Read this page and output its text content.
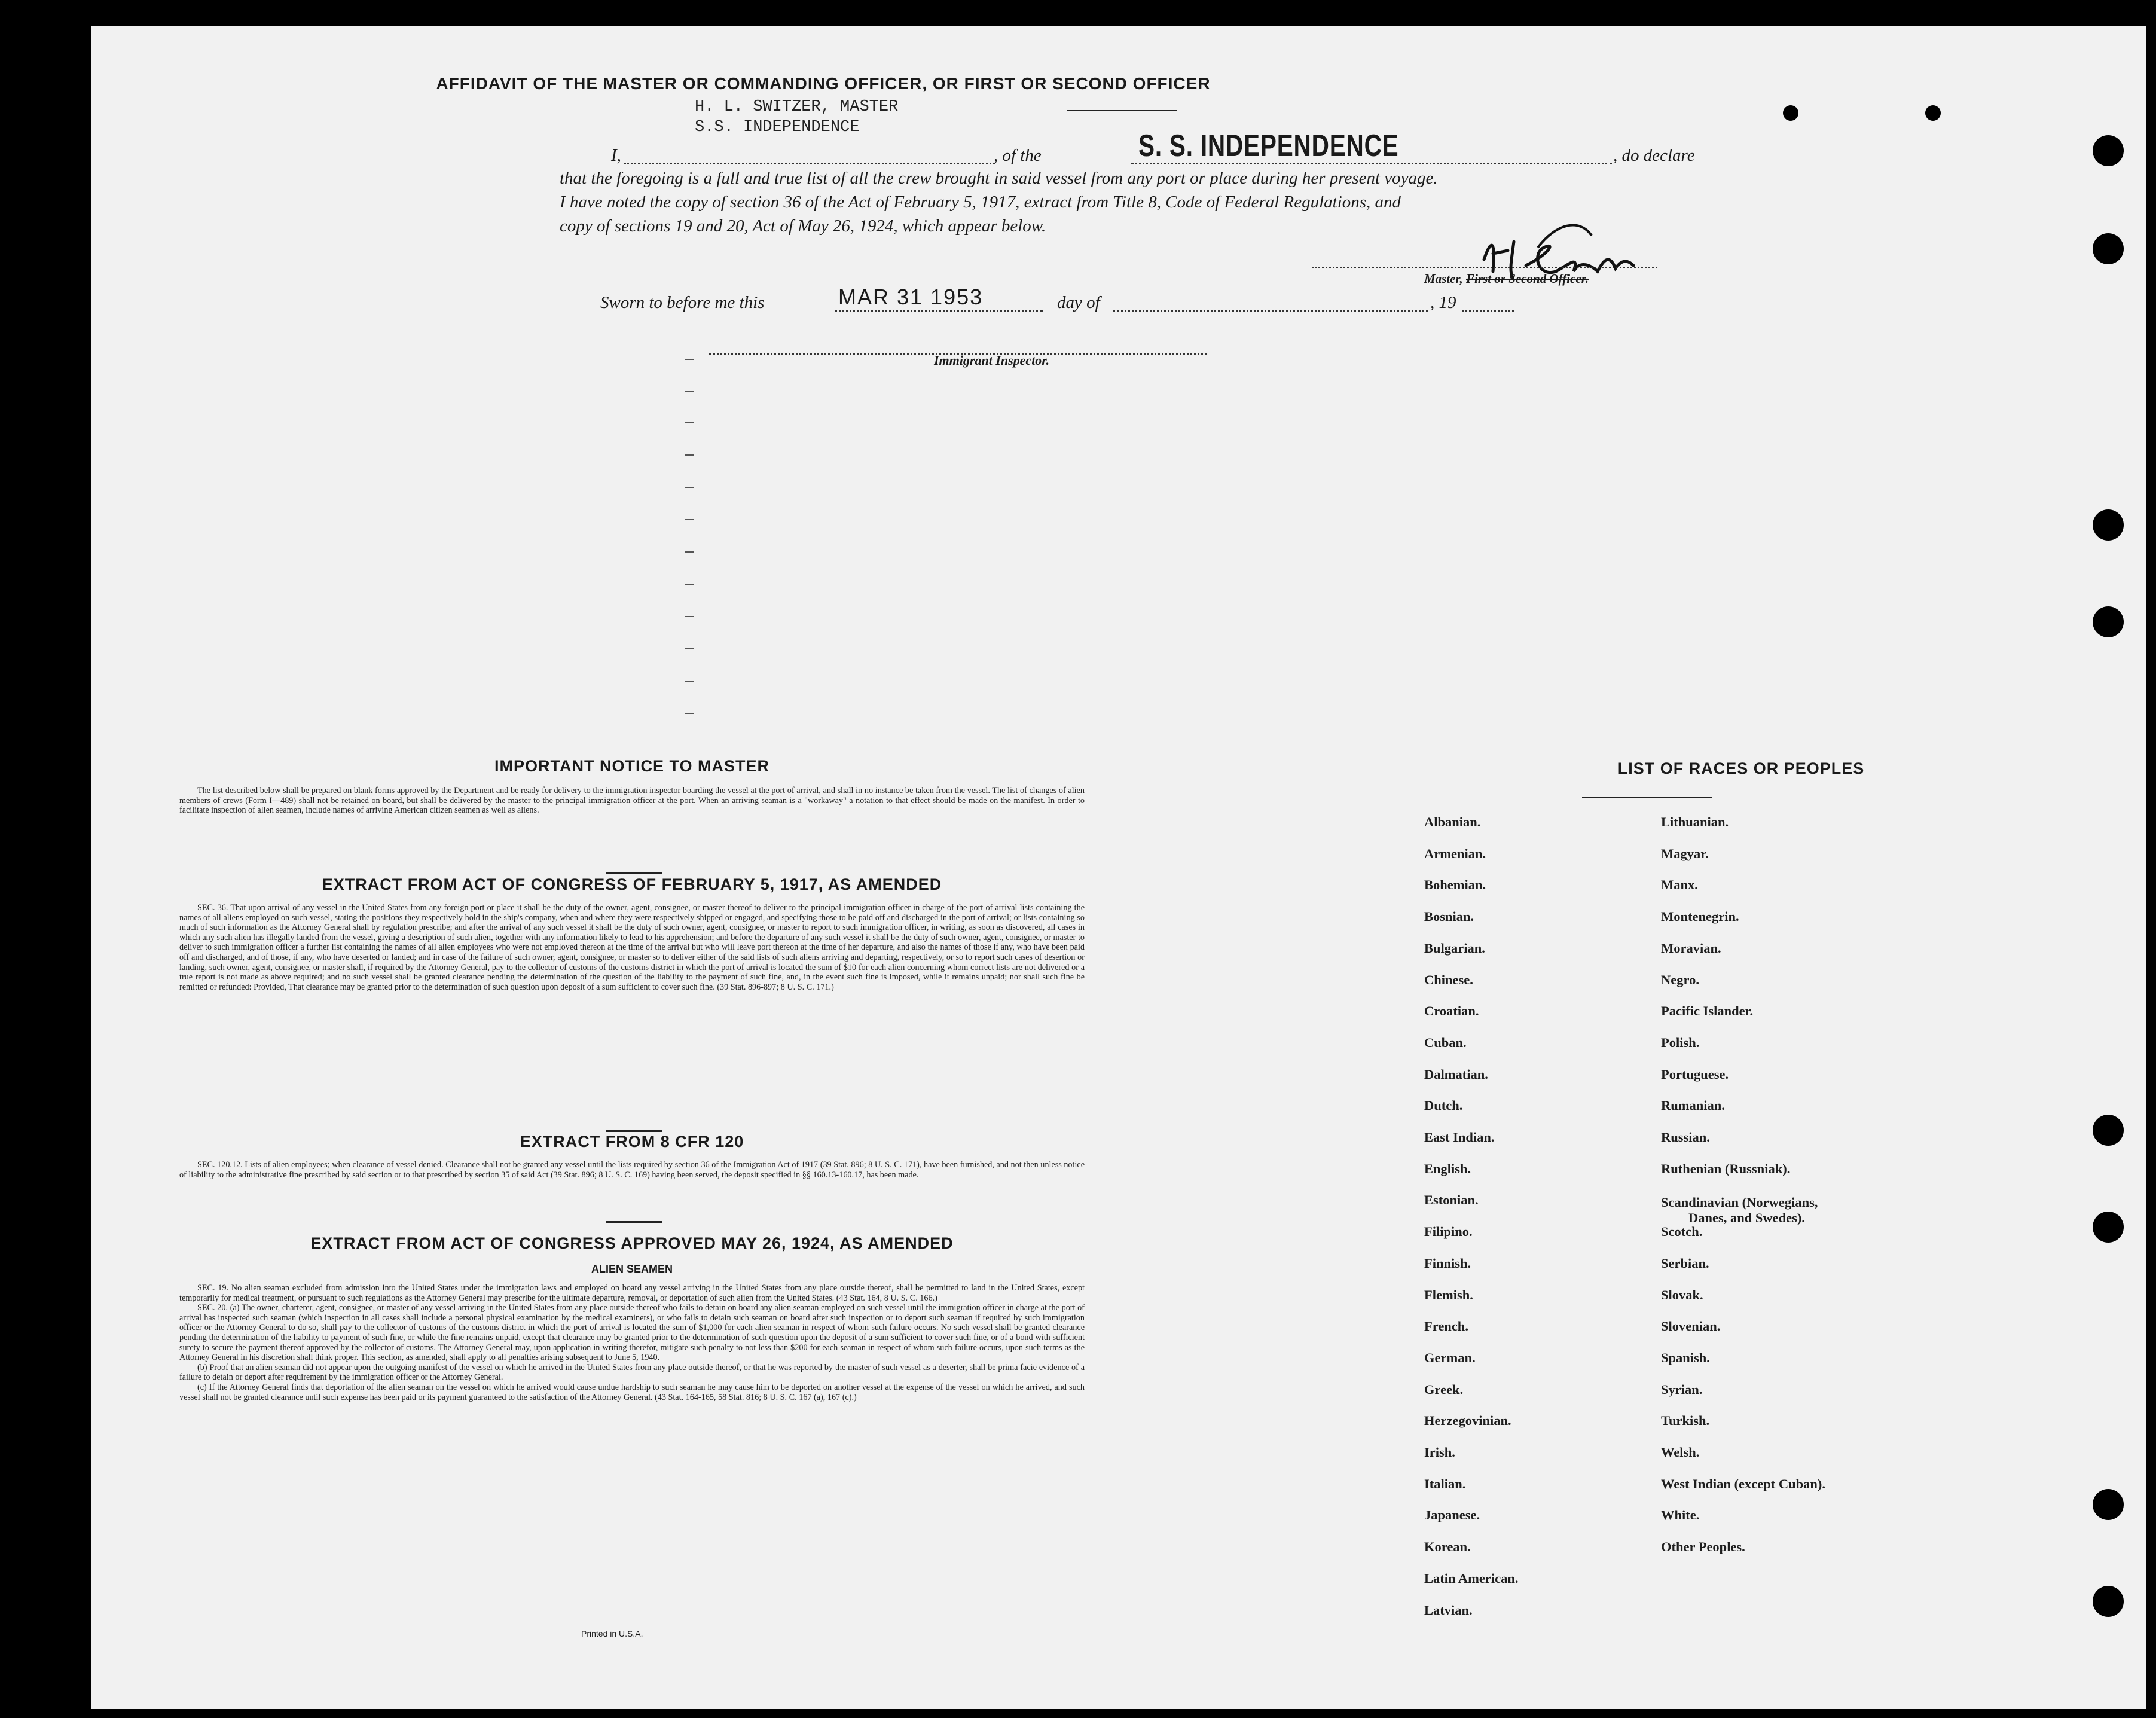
AFFIDAVIT OF THE MASTER OR COMMANDING OFFICER, OR FIRST OR SECOND OFFICER
H. L. SWITZER, MASTER
S.S. INDEPENDENCE
I,	, of the	S. S. INDEPENDENCE	, do declare
that the foregoing is a full and true list of all the crew brought in said vessel from any port or place during her present voyage.
I have noted the copy of section 36 of the Act of February 5, 1917, extract from Title 8, Code of Federal Regulations, and
copy of sections 19 and 20, Act of May 26, 1924, which appear below.
Master, First or Second Officer.
Sworn to before me this	MAR 31 1953	day of	, 19
Immigrant Inspector.
IMPORTANT NOTICE TO MASTER

The list described below shall be prepared on blank forms approved by the Department and be ready for delivery to the immigration inspector boarding the vessel at the port of arrival, and shall in no instance be taken from the vessel. The list of changes of alien members of crews (Form I—489) shall not be retained on board, but shall be delivered by the master to the principal immigration officer at the port. When an arriving seaman is a "workaway" a notation to that effect should be made on the manifest. In order to facilitate inspection of alien seamen, include names of arriving American citizen seamen as well as aliens.

EXTRACT FROM ACT OF CONGRESS OF FEBRUARY 5, 1917, AS AMENDED

SEC. 36. That upon arrival of any vessel in the United States from any foreign port or place it shall be the duty of the owner, agent, consignee, or master thereof to deliver to the principal immigration officer in charge of the port of arrival lists containing the names of all aliens employed on such vessel, stating the positions they respectively hold in the ship's company, when and where they were respectively shipped or engaged, and specifying those to be paid off and discharged in the port of arrival; or lists containing so much of such information as the Attorney General shall by regulation prescribe; and after the arrival of any such vessel it shall be the duty of such owner, agent, consignee, or master to report to such immigration officer, in writing, as soon as discovered, all cases in which any such alien has illegally landed from the vessel, giving a description of such alien, together with any information likely to lead to his apprehension; and before the departure of any such vessel it shall be the duty of such owner, agent, consignee, or master to deliver to such immigration officer a further list containing the names of all alien employees who were not employed thereon at the time of the arrival but who will leave port thereon at the time of her departure, and also the names of those if any, who have been paid off and discharged, and of those, if any, who have deserted or landed; and in case of the failure of such owner, agent, consignee, or master so to deliver either of the said lists of such aliens arriving and departing, respectively, or so to report such cases of desertion or landing, such owner, agent, consignee, or master shall, if required by the Attorney General, pay to the collector of customs of the customs district in which the port of arrival is located the sum of $10 for each alien concerning whom correct lists are not delivered or a true report is not made as above required; and no such vessel shall be granted clearance pending the determination of the question of the liability to the payment of such fine, and, in the event such fine is imposed, while it remains unpaid; nor shall such fine be remitted or refunded: Provided, That clearance may be granted prior to the determination of such question upon deposit of a sum sufficient to cover such fine. (39 Stat. 896-897; 8 U. S. C. 171.)

EXTRACT FROM 8 CFR 120

SEC. 120.12. Lists of alien employees; when clearance of vessel denied. Clearance shall not be granted any vessel until the lists required by section 36 of the Immigration Act of 1917 (39 Stat. 896; 8 U. S. C. 171), have been furnished, and not then unless notice of liability to the administrative fine prescribed by said section or to that prescribed by section 35 of said Act (39 Stat. 896; 8 U. S. C. 169) having been served, the deposit specified in §§ 160.13-160.17, has been made.

EXTRACT FROM ACT OF CONGRESS APPROVED MAY 26, 1924, AS AMENDED
ALIEN SEAMEN

SEC. 19. No alien seaman excluded from admission into the United States under the immigration laws and employed on board any vessel arriving in the United States from any place outside thereof, shall be permitted to land in the United States, except temporarily for medical treatment, or pursuant to such regulations as the Attorney General may prescribe for the ultimate departure, removal, or deportation of such alien from the United States. (43 Stat. 164, 8 U. S. C. 166.)

SEC. 20. (a) The owner, charterer, agent, consignee, or master of any vessel arriving in the United States from any place outside thereof who fails to detain on board any alien seaman employed on such vessel until the immigration officer in charge at the port of arrival has inspected such seaman (which inspection in all cases shall include a personal physical examination by the medical examiners), or who fails to detain such seaman on board after such inspection or to deport such seaman if required by such immigration officer or the Attorney General to do so, shall pay to the collector of customs of the customs district in which the port of arrival is located the sum of $1,000 for each alien seaman in respect of whom such failure occurs. No such vessel shall be granted clearance pending the determination of the liability to payment of such fine, or while the fine remains unpaid, except that clearance may be granted prior to the determination of such question upon the deposit of a sum sufficient to cover such fine, or of a bond with sufficient surety to secure the payment thereof approved by the collector of customs. The Attorney General may, upon application in writing therefor, mitigate such penalty to not less than $200 for each seaman in respect of whom such failure occurs, upon such terms as the Attorney General in his discretion shall think proper. This section, as amended, shall apply to all penalties arising subsequent to June 5, 1940.

(b) Proof that an alien seaman did not appear upon the outgoing manifest of the vessel on which he arrived in the United States from any place outside thereof, or that he was reported by the master of such vessel as a deserter, shall be prima facie evidence of a failure to detain or deport after requirement by the immigration officer or the Attorney General.

(c) If the Attorney General finds that deportation of the alien seaman on the vessel on which he arrived would cause undue hardship to such seaman he may cause him to be deported on another vessel at the expense of the vessel on which he arrived, and such vessel shall not be granted clearance until such expense has been paid or its payment guaranteed to the satisfaction of the Attorney General. (43 Stat. 164-165, 58 Stat. 816; 8 U. S. C. 167 (a), 167 (c).)

Printed in U.S.A.
LIST OF RACES OR PEOPLES
Albanian.
Armenian.
Bohemian.
Bosnian.
Bulgarian.
Chinese.
Croatian.
Cuban.
Dalmatian.
Dutch.
East Indian.
English.
Estonian.
Filipino.
Finnish.
Flemish.
French.
German.
Greek.
Herzegovinian.
Irish.
Italian.
Japanese.
Korean.
Latin American.
Latvian.
Lithuanian.
Magyar.
Manx.
Montenegrin.
Moravian.
Negro.
Pacific Islander.
Polish.
Portuguese.
Rumanian.
Russian.
Ruthenian (Russniak).
Scandinavian (Norwegians,
Danes, and Swedes).
Scotch.
Serbian.
Slovak.
Slovenian.
Spanish.
Syrian.
Turkish.
Welsh.
West Indian (except Cuban).
White.
Other Peoples.
